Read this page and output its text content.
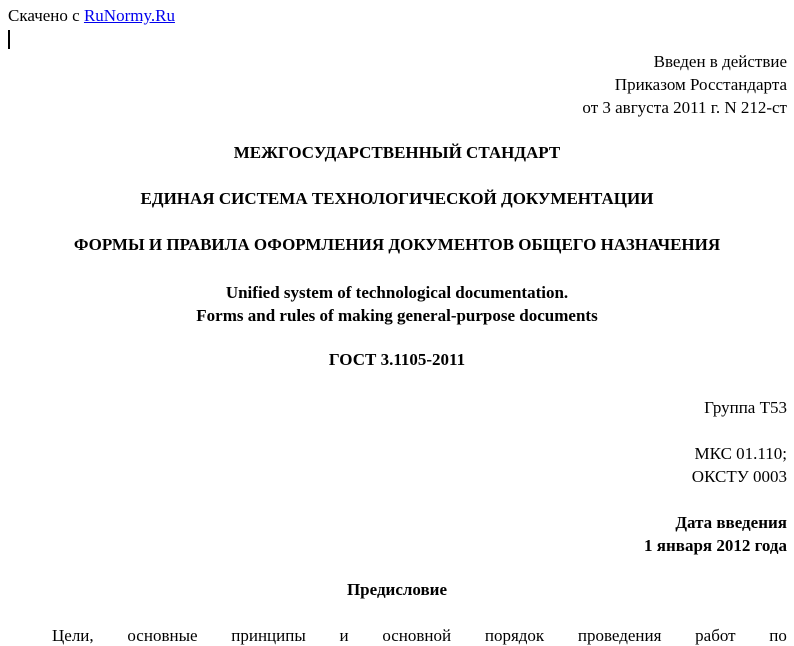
Скачено с RuNormy.Ru
Введен в действие
Приказом Росстандарта
от 3 августа 2011 г. N 212-ст
МЕЖГОСУДАРСТВЕННЫЙ СТАНДАРТ
ЕДИНАЯ СИСТЕМА ТЕХНОЛОГИЧЕСКОЙ ДОКУМЕНТАЦИИ
ФОРМЫ И ПРАВИЛА ОФОРМЛЕНИЯ ДОКУМЕНТОВ ОБЩЕГО НАЗНАЧЕНИЯ
Unified system of technological documentation.
Forms and rules of making general-purpose documents
ГОСТ 3.1105-2011
Группа Т53
МКС 01.110;
ОКСТУ 0003
Дата введения
1 января 2012 года
Предисловие
Цели, основные принципы и основной порядок проведения работ по
